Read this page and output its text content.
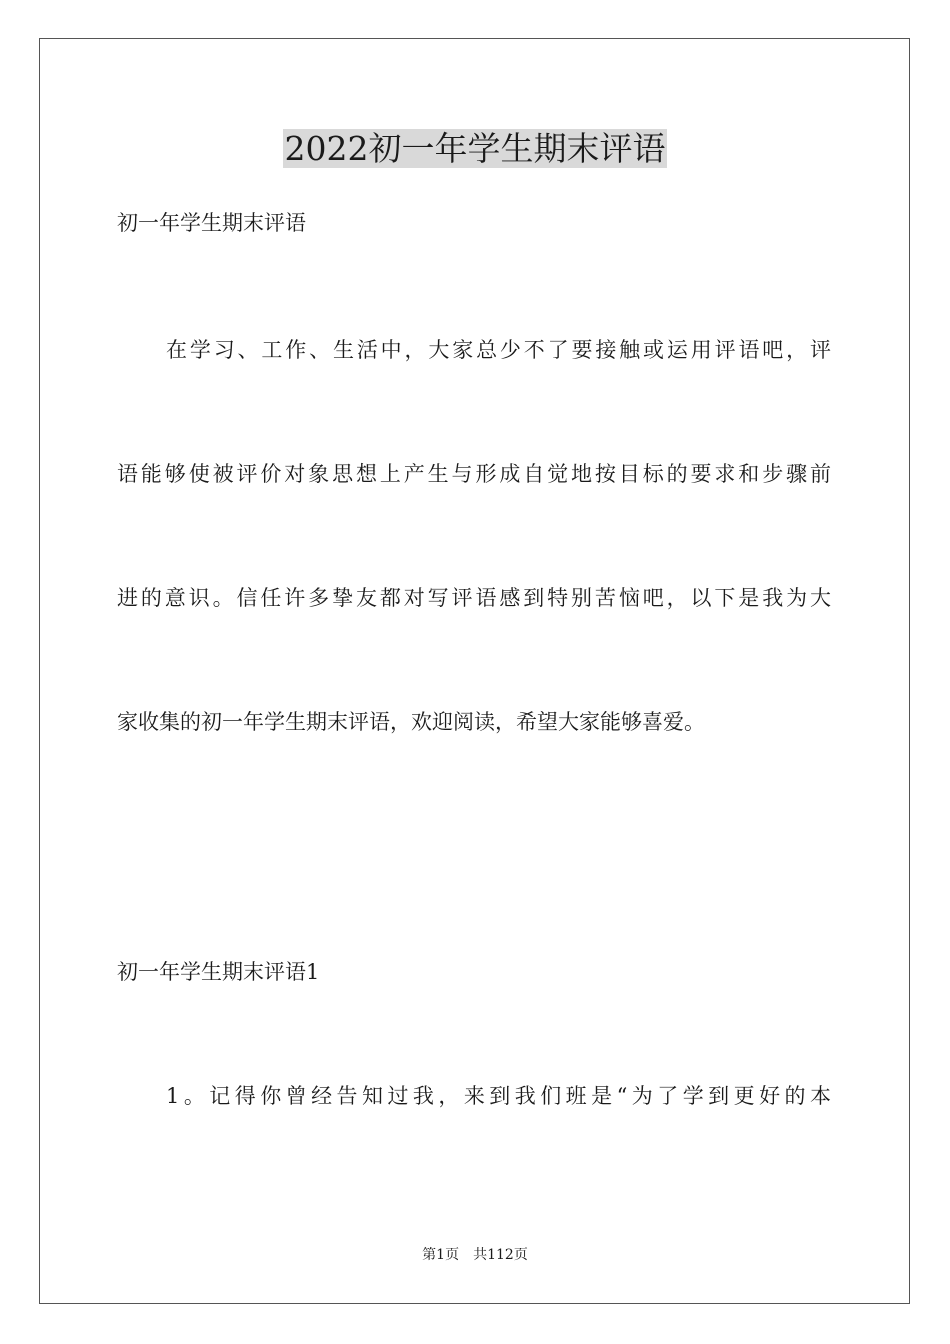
2022初一年学生期末评语

初一年学生期末评语

在学习、工作、生活中，大家总少不了要接触或运用评语吧，评

语能够使被评价对象思想上产生与形成自觉地按目标的要求和步骤前

进的意识。信任许多挚友都对写评语感到特别苦恼吧，以下是我为大

家收集的初一年学生期末评语，欢迎阅读，希望大家能够喜爱。

初一年学生期末评语1

1。记得你曾经告知过我，来到我们班是“为了学到更好的本

第1页 共112页
